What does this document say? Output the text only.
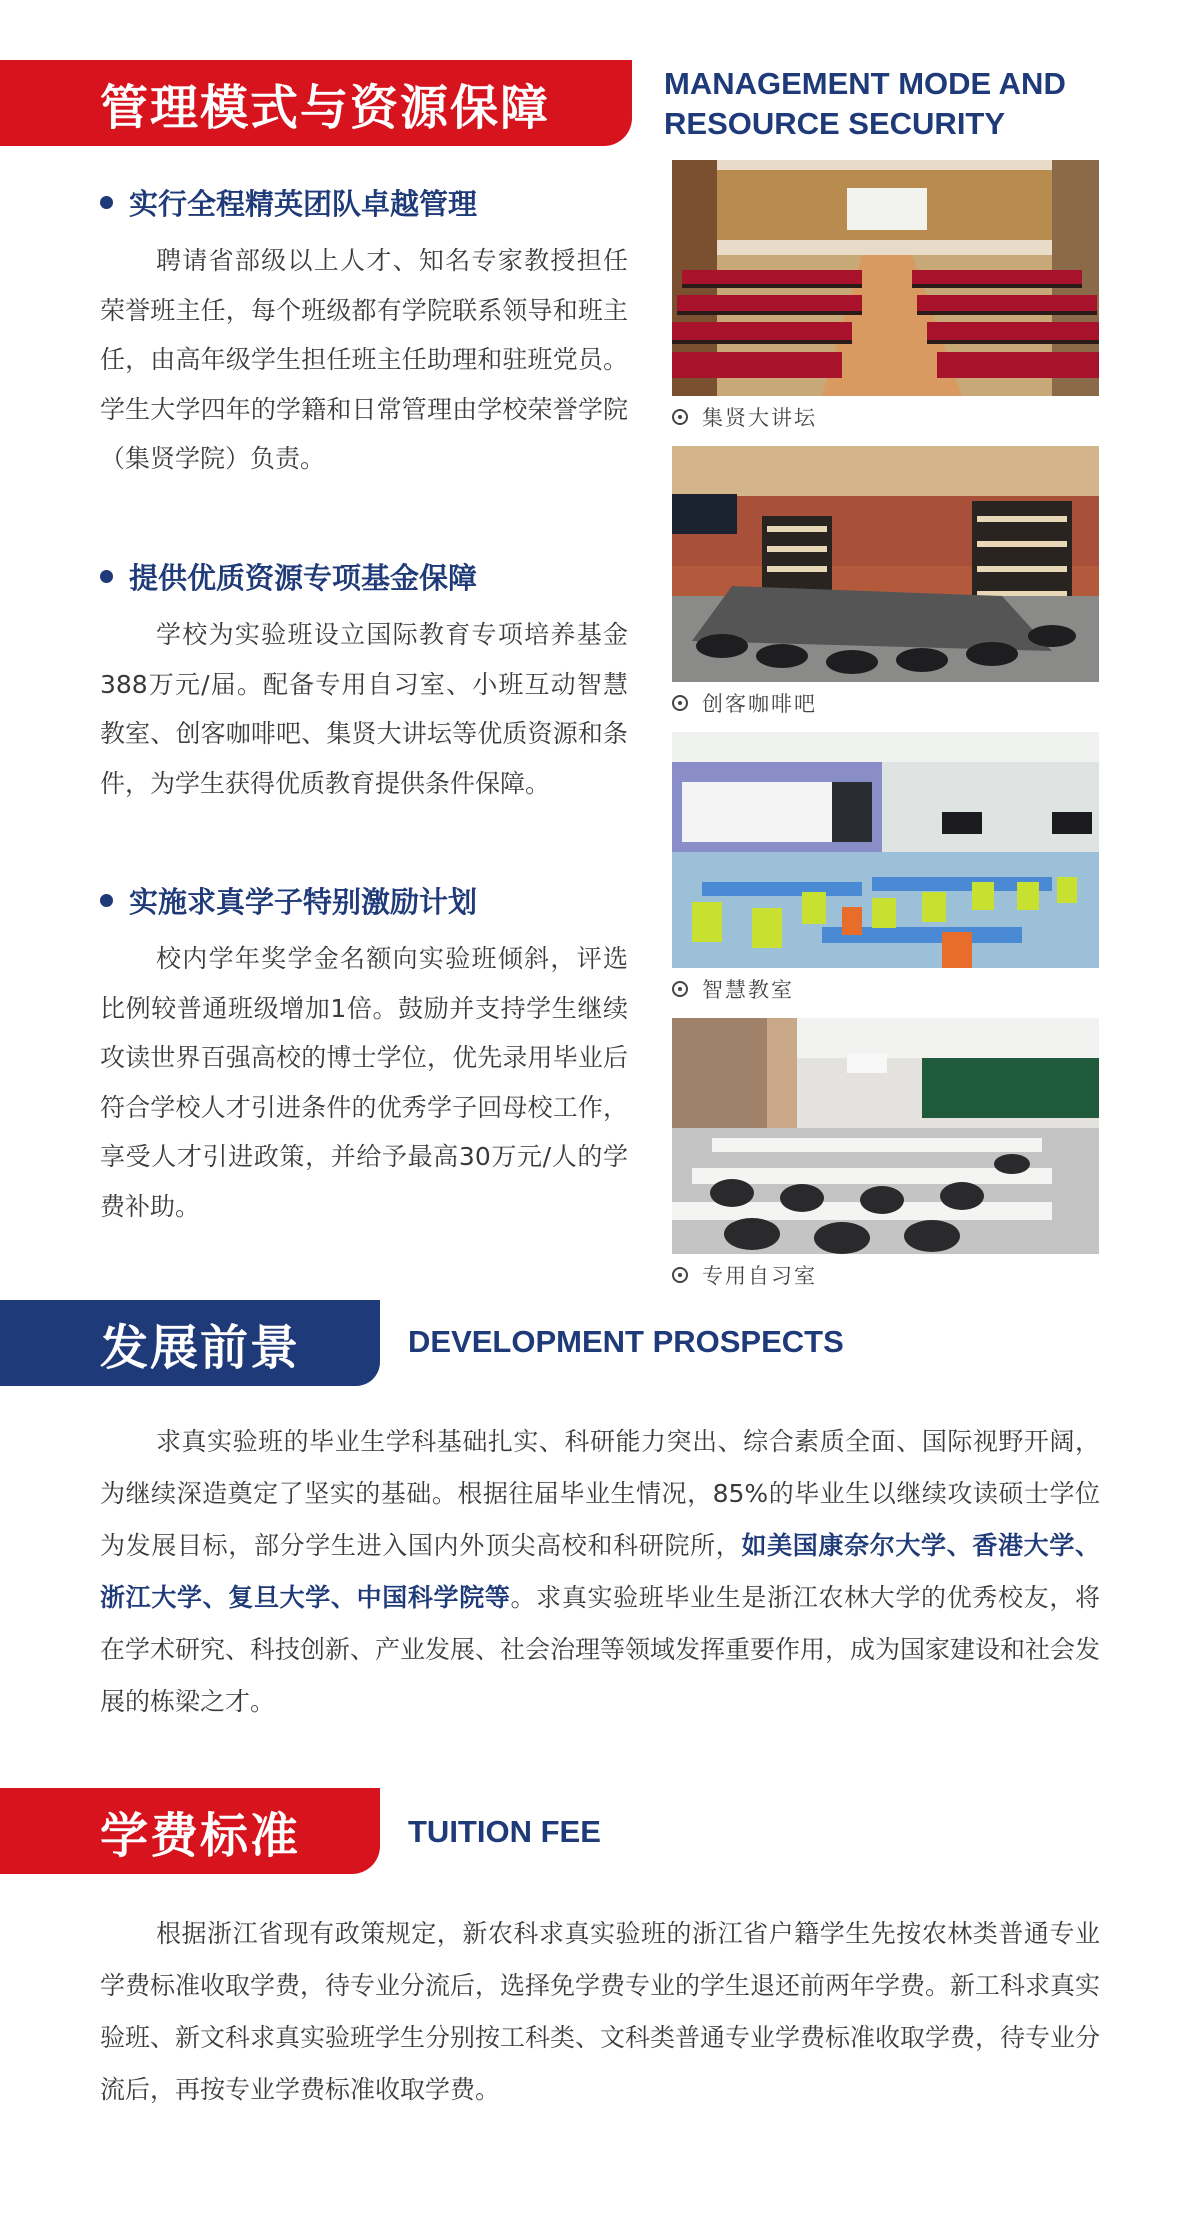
管理模式与资源保障	MANAGEMENT MODE AND
RESOURCE SECURITY
实行全程精英团队卓越管理

聘请省部级以上人才、知名专家教授担任荣誉班主任，每个班级都有学院联系领导和班主任，由高年级学生担任班主任助理和驻班党员。学生大学四年的学籍和日常管理由学校荣誉学院（集贤学院）负责。

提供优质资源专项基金保障

学校为实验班设立国际教育专项培养基金388万元/届。配备专用自习室、小班互动智慧教室、创客咖啡吧、集贤大讲坛等优质资源和条件，为学生获得优质教育提供条件保障。

实施求真学子特别激励计划

校内学年奖学金名额向实验班倾斜，评选比例较普通班级增加1倍。鼓励并支持学生继续攻读世界百强高校的博士学位，优先录用毕业后符合学校人才引进条件的优秀学子回母校工作，享受人才引进政策，并给予最高30万元/人的学费补助。

集贤大讲坛
创客咖啡吧
智慧教室
专用自习室
发展前景	DEVELOPMENT PROSPECTS

求真实验班的毕业生学科基础扎实、科研能力突出、综合素质全面、国际视野开阔，为继续深造奠定了坚实的基础。根据往届毕业生情况，85%的毕业生以继续攻读硕士学位为发展目标，部分学生进入国内外顶尖高校和科研院所，如美国康奈尔大学、香港大学、浙江大学、复旦大学、中国科学院等。求真实验班毕业生是浙江农林大学的优秀校友，将在学术研究、科技创新、产业发展、社会治理等领域发挥重要作用，成为国家建设和社会发展的栋梁之才。

学费标准	TUITION FEE

根据浙江省现有政策规定，新农科求真实验班的浙江省户籍学生先按农林类普通专业学费标准收取学费，待专业分流后，选择免学费专业的学生退还前两年学费。新工科求真实验班、新文科求真实验班学生分别按工科类、文科类普通专业学费标准收取学费，待专业分流后，再按专业学费标准收取学费。
